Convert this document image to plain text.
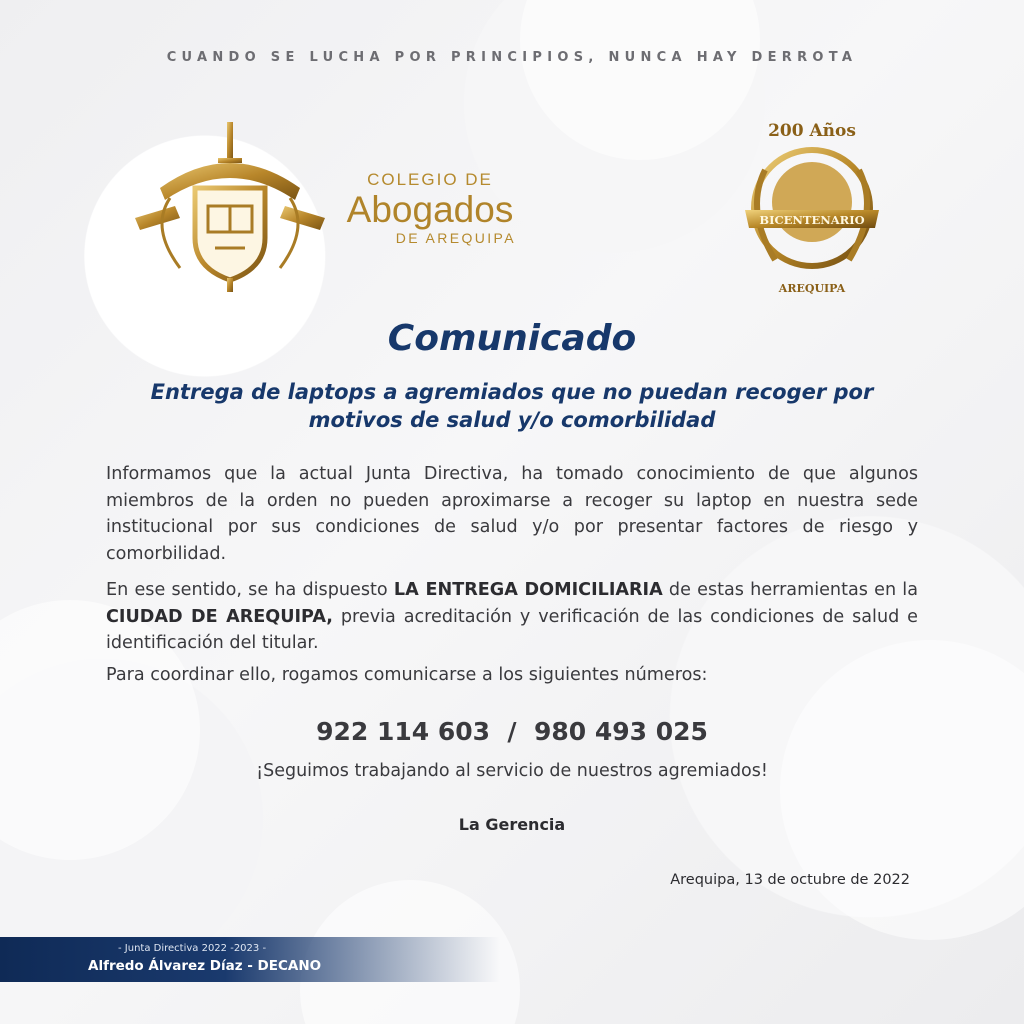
CUANDO SE LUCHA POR PRINCIPIOS, NUNCA HAY DERROTA
COLEGIO DE
Abogados
DE AREQUIPA
200 Años
BICENTENARIO
AREQUIPA
Comunicado
Entrega de laptops a agremiados que no puedan recoger por motivos de salud y/o comorbilidad
Informamos que la actual Junta Directiva, ha tomado conocimiento de que algunos miembros de la orden no pueden aproximarse a recoger su laptop en nuestra sede institucional por sus condiciones de salud y/o por presentar factores de riesgo y comorbilidad.
En ese sentido, se ha dispuesto LA ENTREGA DOMICILIARIA de estas herramientas en la CIUDAD DE AREQUIPA, previa acreditación y verificación de las condiciones de salud e identificación del titular.
Para coordinar ello, rogamos comunicarse a los siguientes números:
922 114 603  /  980 493 025
¡Seguimos trabajando al servicio de nuestros agremiados!
La Gerencia
Arequipa, 13 de octubre de 2022
- Junta Directiva 2022 -2023 -
Alfredo Álvarez Díaz - DECANO
